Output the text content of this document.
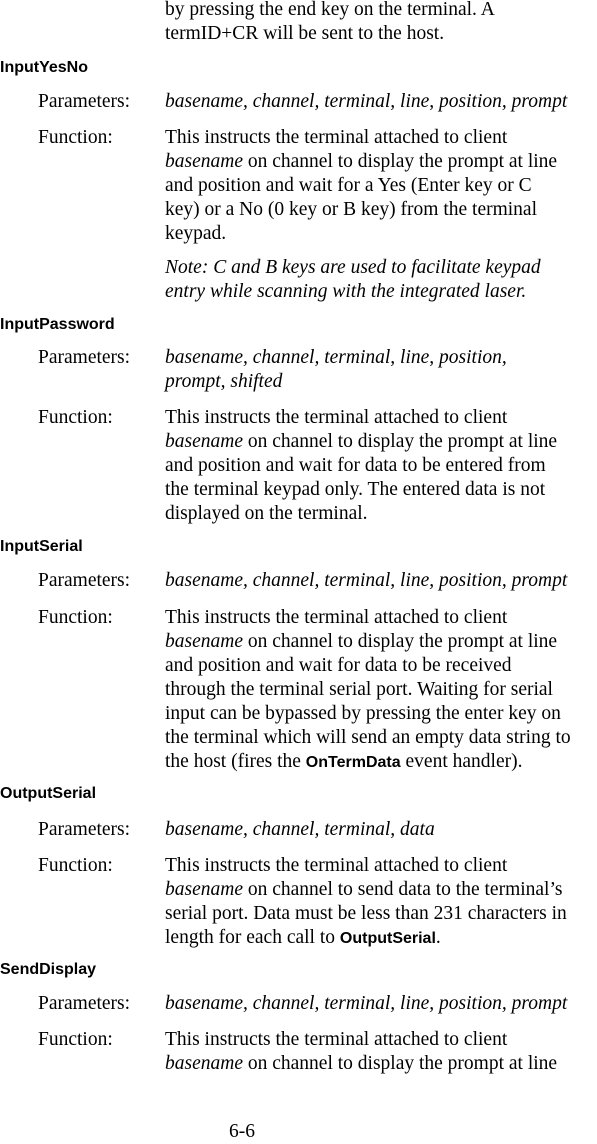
by pressing the end key on the terminal. A
termID+CR will be sent to the host.
InputYesNo
Parameters: basename, channel, terminal, line, position, prompt
Function:	This instructs the terminal attached to client
basename on channel to display the prompt at line
and position and wait for a Yes (Enter key or C
key) or a No (0 key or B key) from the terminal
keypad.
Note: C and B keys are used to facilitate keypad
entry while scanning with the integrated laser.
InputPassword
Parameters: basename, channel, terminal, line, position,
prompt, shifted
Function:	This instructs the terminal attached to client
basename on channel to display the prompt at line
and position and wait for data to be entered from
the terminal keypad only. The entered data is not
displayed on the terminal.
InputSerial
Parameters: basename, channel, terminal, line, position, prompt
Function:	This instructs the terminal attached to client
basename on channel to display the prompt at line
and position and wait for data to be received
through the terminal serial port. Waiting for serial
input can be bypassed by pressing the enter key on
the terminal which will send an empty data string to
the host (fires the OnTermData event handler).
OutputSerial
Parameters: basename, channel, terminal, data
Function:	This instructs the terminal attached to client
basename on channel to send data to the terminal’s
serial port. Data must be less than 231 characters in
length for each call to OutputSerial.
SendDisplay
Parameters: basename, channel, terminal, line, position, prompt
Function:	This instructs the terminal attached to client
basename on channel to display the prompt at line
6-6
